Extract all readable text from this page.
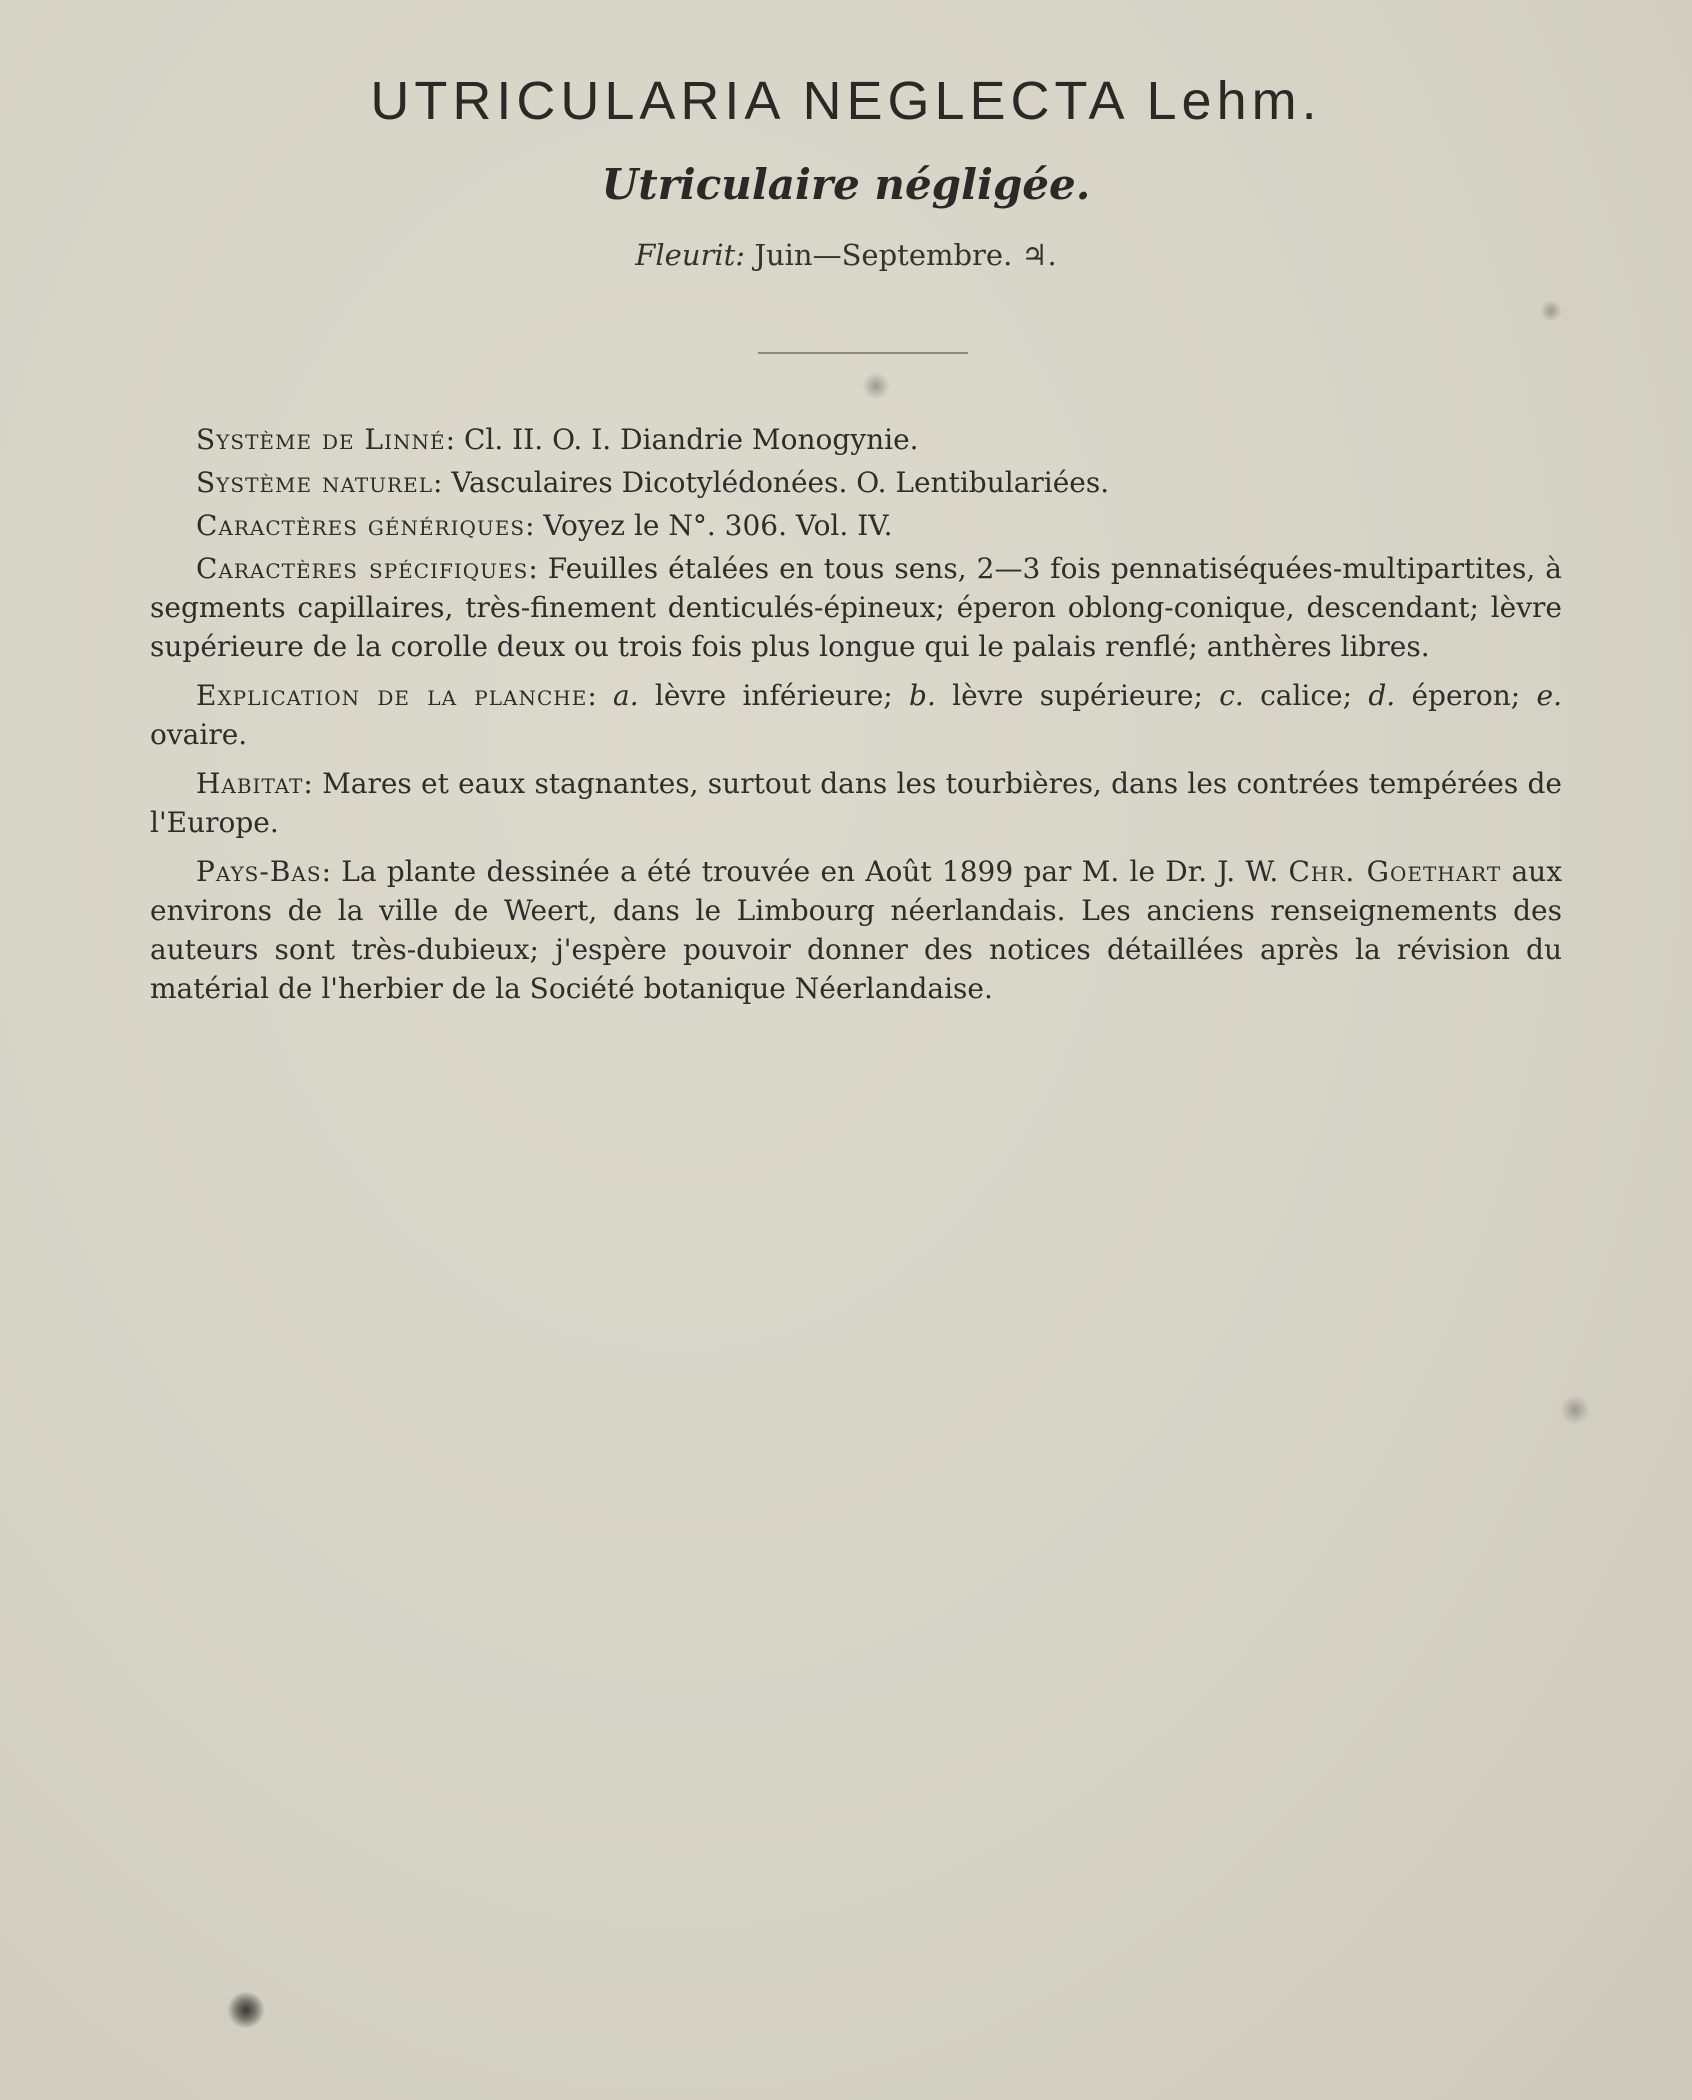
UTRICULARIA NEGLECTA Lehm.
Utriculaire négligée.

Fleurit: Juin—Septembre. ♃.

Système de Linné: Cl. II. O. I. Diandrie Monogynie.

Système naturel: Vasculaires Dicotylédonées. O. Lentibulariées.

Caractères génériques: Voyez le N°. 306. Vol. IV.

Caractères spécifiques: Feuilles étalées en tous sens, 2—3 fois pennatiséquées-multipartites, à segments capillaires, très-finement denticulés-épineux; éperon oblong-conique, descendant; lèvre supérieure de la corolle deux ou trois fois plus longue qui le palais renflé; anthères libres.

Explication de la planche: a. lèvre inférieure; b. lèvre supérieure; c. calice; d. éperon; e. ovaire.

Habitat: Mares et eaux stagnantes, surtout dans les tourbières, dans les contrées tempérées de l'Europe.

Pays-Bas: La plante dessinée a été trouvée en Août 1899 par M. le Dr. J. W. Chr. Goethart aux environs de la ville de Weert, dans le Limbourg néerlandais. Les anciens renseignements des auteurs sont très-dubieux; j'espère pouvoir donner des notices détaillées après la révision du matérial de l'herbier de la Société botanique Néerlandaise.
